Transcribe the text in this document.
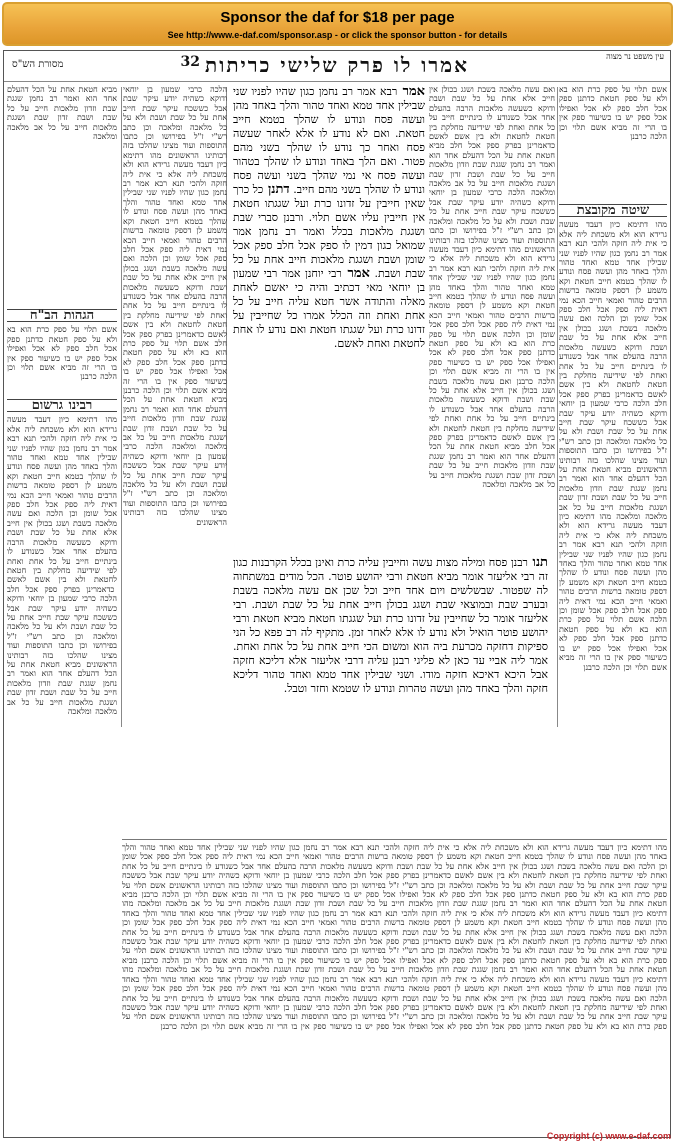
Sponsor the daf for $18 per page
See http://www.e-daf.com/sponsor.asp - or click the sponsor button - for details
מסורת הש"ס	אמרו לו פרק שלישי כריתות
32	עין משפט נר מצוה
אשם תלוי על ספק כרת הוא בא ולא על ספק חטאת כדתנן ספק אכל חלב ספק לא אכל ואפילו אכל ספק יש בו כשיעור ספק אין בו הרי זה מביא אשם תלוי וכן הלכה כרבנן
שיטה מקובצת
מהו דתימא כיון דעבד מעשה גרידא הוא ולא משכחת ליה אלא כי אית ליה חזקה ולהכי תנא רבא אמר רב נחמן כגון שהיו לפניו שני שבילין אחד טמא ואחד טהור והלך באחד מהן ועשה פסח ונודע לו שהלך בטמא חייב חטאת וקא משמע לן דספק טומאה ברשות הרבים טהור ואמאי חייב הכא נמי דאית ליה ספק אכל חלב ספק אכל שומן וכן הלכה ואם עשה מלאכה בשבת ושגג בכולן אין חייב אלא אחת על כל שבת ושבת ודוקא כשעשה מלאכות הרבה בהעלם אחד אבל כשנודע לו בינתיים חייב על כל אחת ואחת לפי שידיעה מחלקת בין חטאת לחטאת ולא בין אשם לאשם כדאמרינן בפרק ספק אכל חלב הלכה כרבי שמעון בן יוחאי ודוקא כשהיה יודע עיקר שבת אבל כששכח עיקר שבת חייב אחת על כל שבת ושבת ולא על כל מלאכה ומלאכה וכן כתב רש"י ז"ל בפירושו וכן כתבו התוספות ועוד מצינו שהלכו בזה רבותינו הראשונים מביא חטאת אחת על הכל דהעלם אחד הוא ואמר רב נחמן שגגת שבת וזדון מלאכות חייב על כל שבת ושבת זדון שבת ושגגת מלאכות חייב על כל אב מלאכה ומלאכה מהו דתימא כיון דעבד מעשה גרידא הוא ולא משכחת ליה אלא כי אית ליה חזקה ולהכי תנא רבא אמר רב נחמן כגון שהיו לפניו שני שבילין אחד טמא ואחד טהור והלך באחד מהן ועשה פסח ונודע לו שהלך בטמא חייב חטאת וקא משמע לן דספק טומאה ברשות הרבים טהור ואמאי חייב הכא נמי דאית ליה ספק אכל חלב ספק אכל שומן וכן הלכה אשם תלוי על ספק כרת הוא בא ולא על ספק חטאת כדתנן ספק אכל חלב ספק לא אכל ואפילו אכל ספק יש בו כשיעור ספק אין בו הרי זה מביא אשם תלוי וכן הלכה כרבנן
ואם עשה מלאכה בשבת ושגג בכולן אין חייב אלא אחת על כל שבת ושבת ודוקא כשעשה מלאכות הרבה בהעלם אחד אבל כשנודע לו בינתיים חייב על כל אחת ואחת לפי שידיעה מחלקת בין חטאת לחטאת ולא בין אשם לאשם כדאמרינן בפרק ספק אכל חלב מביא חטאת אחת על הכל דהעלם אחד הוא ואמר רב נחמן שגגת שבת וזדון מלאכות חייב על כל שבת ושבת זדון שבת ושגגת מלאכות חייב על כל אב מלאכה ומלאכה הלכה כרבי שמעון בן יוחאי ודוקא כשהיה יודע עיקר שבת אבל כששכח עיקר שבת חייב אחת על כל שבת ושבת ולא על כל מלאכה ומלאכה וכן כתב רש"י ז"ל בפירושו וכן כתבו התוספות ועוד מצינו שהלכו בזה רבותינו הראשונים מהו דתימא כיון דעבד מעשה גרידא הוא ולא משכחת ליה אלא כי אית ליה חזקה ולהכי תנא רבא אמר רב נחמן כגון שהיו לפניו שני שבילין אחד טמא ואחד טהור והלך באחד מהן ועשה פסח ונודע לו שהלך בטמא חייב חטאת וקא משמע לן דספק טומאה ברשות הרבים טהור ואמאי חייב הכא נמי דאית ליה ספק אכל חלב ספק אכל שומן וכן הלכה אשם תלוי על ספק כרת הוא בא ולא על ספק חטאת כדתנן ספק אכל חלב ספק לא אכל ואפילו אכל ספק יש בו כשיעור ספק אין בו הרי זה מביא אשם תלוי וכן הלכה כרבנן ואם עשה מלאכה בשבת ושגג בכולן אין חייב אלא אחת על כל שבת ושבת ודוקא כשעשה מלאכות הרבה בהעלם אחד אבל כשנודע לו בינתיים חייב על כל אחת ואחת לפי שידיעה מחלקת בין חטאת לחטאת ולא בין אשם לאשם כדאמרינן בפרק ספק אכל חלב מביא חטאת אחת על הכל דהעלם אחד הוא ואמר רב נחמן שגגת שבת וזדון מלאכות חייב על כל שבת ושבת זדון שבת ושגגת מלאכות חייב על כל אב מלאכה ומלאכה
אמר רבא אמר רב נחמן כגון שהיו לפניו שני שבילין אחד טמא ואחד טהור והלך באחד מהן ועשה פסח ונודע לו שהלך בטמא חייב חטאת. ואם לא נודע לו אלא לאחר שעשה פסח ואחר כך נודע לו שהלך בשני מהם פטור. ואם הלך באחד ונודע לו שהלך בטהור ועשה פסח אי נמי שהלך בשני ועשה פסח ונודע לו שהלך בשני מהם חייב. דתנן כל כרך שאין חייבין על זדונו כרת ועל שגגתו חטאת אין חייבין עליו אשם תלוי. ורבנן סברי שבת ושגגת מלאכות בכלל ואמר רב נחמן אמר שמואל כגון דמין לו ספק אכל חלב ספק אכל שומן ושבת ושגגת מלאכות חייב אחת על כל שבת ושבת. אמר רבי יוחנן אמר רבי שמעון בן יוחאי מאי דכתיב והיה כי יאשם לאחת מאלה והתודה אשר חטא עליה חייב על כל אחת ואחת וזה הכלל אמרו כל שחייבין על זדונו כרת ועל שגגתו חטאת ואם נודע לו אחת לחטאת ואחת לאשם.
תנו רבנן פסח ומילה מצות עשה וחייבין עליה כרת ואינן בכלל הקרבנות כגון זה רבי אליעזר אומר מביא חטאת ורבי יהושע פוטר. הכל מודים במשתחוה לה שפטור. שבשלשים ויום אחד חייב וכל שכן אם עשה מלאכה בשבת ובערב שבת ובמוצאי שבת ושגג בכולן חייב אחת על כל שבת ושבת. רבי אליעזר אומר כל שחייבין על זדונו כרת ועל שגגתו חטאת מביא חטאת ורבי יהושע פוטר הואיל ולא נודע לו אלא לאחר זמן. מתקיף לה רב פפא כל הני ספיקות דחזקה מכרעת ביה הוא ומשום הכי חייב אחת על כל אחת ואחת. אמר ליה אביי עד כאן לא פליגי רבנן עליה דרבי אליעזר אלא דליכא חזקה אבל היכא דאיכא חזקה מודו. ושני שבילין אחד טמא ואחד טהור דליכא חזקה והלך באחד מהן ועשה טהרות ונודע לו שטמא וחזר וטבל.
הלכה כרבי שמעון בן יוחאי ודוקא כשהיה יודע עיקר שבת אבל כששכח עיקר שבת חייב אחת על כל שבת ושבת ולא על כל מלאכה ומלאכה וכן כתב רש"י ז"ל בפירושו וכן כתבו התוספות ועוד מצינו שהלכו בזה רבותינו הראשונים מהו דתימא כיון דעבד מעשה גרידא הוא ולא משכחת ליה אלא כי אית ליה חזקה ולהכי תנא רבא אמר רב נחמן כגון שהיו לפניו שני שבילין אחד טמא ואחד טהור והלך באחד מהן ועשה פסח ונודע לו שהלך בטמא חייב חטאת וקא משמע לן דספק טומאה ברשות הרבים טהור ואמאי חייב הכא נמי דאית ליה ספק אכל חלב ספק אכל שומן וכן הלכה ואם עשה מלאכה בשבת ושגג בכולן אין חייב אלא אחת על כל שבת ושבת ודוקא כשעשה מלאכות הרבה בהעלם אחד אבל כשנודע לו בינתיים חייב על כל אחת ואחת לפי שידיעה מחלקת בין חטאת לחטאת ולא בין אשם לאשם כדאמרינן בפרק ספק אכל חלב אשם תלוי על ספק כרת הוא בא ולא על ספק חטאת כדתנן ספק אכל חלב ספק לא אכל ואפילו אכל ספק יש בו כשיעור ספק אין בו הרי זה מביא אשם תלוי וכן הלכה כרבנן מביא חטאת אחת על הכל דהעלם אחד הוא ואמר רב נחמן שגגת שבת וזדון מלאכות חייב על כל שבת ושבת זדון שבת ושגגת מלאכות חייב על כל אב מלאכה ומלאכה הלכה כרבי שמעון בן יוחאי ודוקא כשהיה יודע עיקר שבת אבל כששכח עיקר שבת חייב אחת על כל שבת ושבת ולא על כל מלאכה ומלאכה וכן כתב רש"י ז"ל בפירושו וכן כתבו התוספות ועוד מצינו שהלכו בזה רבותינו הראשונים
מביא חטאת אחת על הכל דהעלם אחד הוא ואמר רב נחמן שגגת שבת וזדון מלאכות חייב על כל שבת ושבת זדון שבת ושגגת מלאכות חייב על כל אב מלאכה ומלאכה
הגהות הב"ח
אשם תלוי על ספק כרת הוא בא ולא על ספק חטאת כדתנן ספק אכל חלב ספק לא אכל ואפילו אכל ספק יש בו כשיעור ספק אין בו הרי זה מביא אשם תלוי וכן הלכה כרבנן
רבינו גרשום
מהו דתימא כיון דעבד מעשה גרידא הוא ולא משכחת ליה אלא כי אית ליה חזקה ולהכי תנא רבא אמר רב נחמן כגון שהיו לפניו שני שבילין אחד טמא ואחד טהור והלך באחד מהן ועשה פסח ונודע לו שהלך בטמא חייב חטאת וקא משמע לן דספק טומאה ברשות הרבים טהור ואמאי חייב הכא נמי דאית ליה ספק אכל חלב ספק אכל שומן וכן הלכה ואם עשה מלאכה בשבת ושגג בכולן אין חייב אלא אחת על כל שבת ושבת ודוקא כשעשה מלאכות הרבה בהעלם אחד אבל כשנודע לו בינתיים חייב על כל אחת ואחת לפי שידיעה מחלקת בין חטאת לחטאת ולא בין אשם לאשם כדאמרינן בפרק ספק אכל חלב הלכה כרבי שמעון בן יוחאי ודוקא כשהיה יודע עיקר שבת אבל כששכח עיקר שבת חייב אחת על כל שבת ושבת ולא על כל מלאכה ומלאכה וכן כתב רש"י ז"ל בפירושו וכן כתבו התוספות ועוד מצינו שהלכו בזה רבותינו הראשונים מביא חטאת אחת על הכל דהעלם אחד הוא ואמר רב נחמן שגגת שבת וזדון מלאכות חייב על כל שבת ושבת זדון שבת ושגגת מלאכות חייב על כל אב מלאכה ומלאכה
מהו דתימא כיון דעבד מעשה גרידא הוא ולא משכחת ליה אלא כי אית ליה חזקה ולהכי תנא רבא אמר רב נחמן כגון שהיו לפניו שני שבילין אחד טמא ואחד טהור והלך באחד מהן ועשה פסח ונודע לו שהלך בטמא חייב חטאת וקא משמע לן דספק טומאה ברשות הרבים טהור ואמאי חייב הכא נמי דאית ליה ספק אכל חלב ספק אכל שומן וכן הלכה ואם עשה מלאכה בשבת ושגג בכולן אין חייב אלא אחת על כל שבת ושבת ודוקא כשעשה מלאכות הרבה בהעלם אחד אבל כשנודע לו בינתיים חייב על כל אחת ואחת לפי שידיעה מחלקת בין חטאת לחטאת ולא בין אשם לאשם כדאמרינן בפרק ספק אכל חלב הלכה כרבי שמעון בן יוחאי ודוקא כשהיה יודע עיקר שבת אבל כששכח עיקר שבת חייב אחת על כל שבת ושבת ולא על כל מלאכה ומלאכה וכן כתב רש"י ז"ל בפירושו וכן כתבו התוספות ועוד מצינו שהלכו בזה רבותינו הראשונים אשם תלוי על ספק כרת הוא בא ולא על ספק חטאת כדתנן ספק אכל חלב ספק לא אכל ואפילו אכל ספק יש בו כשיעור ספק אין בו הרי זה מביא אשם תלוי וכן הלכה כרבנן מביא חטאת אחת על הכל דהעלם אחד הוא ואמר רב נחמן שגגת שבת וזדון מלאכות חייב על כל שבת ושבת זדון שבת ושגגת מלאכות חייב על כל אב מלאכה ומלאכה מהו דתימא כיון דעבד מעשה גרידא הוא ולא משכחת ליה אלא כי אית ליה חזקה ולהכי תנא רבא אמר רב נחמן כגון שהיו לפניו שני שבילין אחד טמא ואחד טהור והלך באחד מהן ועשה פסח ונודע לו שהלך בטמא חייב חטאת וקא משמע לן דספק טומאה ברשות הרבים טהור ואמאי חייב הכא נמי דאית ליה ספק אכל חלב ספק אכל שומן וכן הלכה ואם עשה מלאכה בשבת ושגג בכולן אין חייב אלא אחת על כל שבת ושבת ודוקא כשעשה מלאכות הרבה בהעלם אחד אבל כשנודע לו בינתיים חייב על כל אחת ואחת לפי שידיעה מחלקת בין חטאת לחטאת ולא בין אשם לאשם כדאמרינן בפרק ספק אכל חלב הלכה כרבי שמעון בן יוחאי ודוקא כשהיה יודע עיקר שבת אבל כששכח עיקר שבת חייב אחת על כל שבת ושבת ולא על כל מלאכה ומלאכה וכן כתב רש"י ז"ל בפירושו וכן כתבו התוספות ועוד מצינו שהלכו בזה רבותינו הראשונים אשם תלוי על ספק כרת הוא בא ולא על ספק חטאת כדתנן ספק אכל חלב ספק לא אכל ואפילו אכל ספק יש בו כשיעור ספק אין בו הרי זה מביא אשם תלוי וכן הלכה כרבנן מביא חטאת אחת על הכל דהעלם אחד הוא ואמר רב נחמן שגגת שבת וזדון מלאכות חייב על כל שבת ושבת זדון שבת ושגגת מלאכות חייב על כל אב מלאכה ומלאכה מהו דתימא כיון דעבד מעשה גרידא הוא ולא משכחת ליה אלא כי אית ליה חזקה ולהכי תנא רבא אמר רב נחמן כגון שהיו לפניו שני שבילין אחד טמא ואחד טהור והלך באחד מהן ועשה פסח ונודע לו שהלך בטמא חייב חטאת וקא משמע לן דספק טומאה ברשות הרבים טהור ואמאי חייב הכא נמי דאית ליה ספק אכל חלב ספק אכל שומן וכן הלכה ואם עשה מלאכה בשבת ושגג בכולן אין חייב אלא אחת על כל שבת ושבת ודוקא כשעשה מלאכות הרבה בהעלם אחד אבל כשנודע לו בינתיים חייב על כל אחת ואחת לפי שידיעה מחלקת בין חטאת לחטאת ולא בין אשם לאשם כדאמרינן בפרק ספק אכל חלב הלכה כרבי שמעון בן יוחאי ודוקא כשהיה יודע עיקר שבת אבל כששכח עיקר שבת חייב אחת על כל שבת ושבת ולא על כל מלאכה ומלאכה וכן כתב רש"י ז"ל בפירושו וכן כתבו התוספות ועוד מצינו שהלכו בזה רבותינו הראשונים אשם תלוי על ספק כרת הוא בא ולא על ספק חטאת כדתנן ספק אכל חלב ספק לא אכל ואפילו אכל ספק יש בו כשיעור ספק אין בו הרי זה מביא אשם תלוי וכן הלכה כרבנן
Copyright (c) www.e-daf.com
